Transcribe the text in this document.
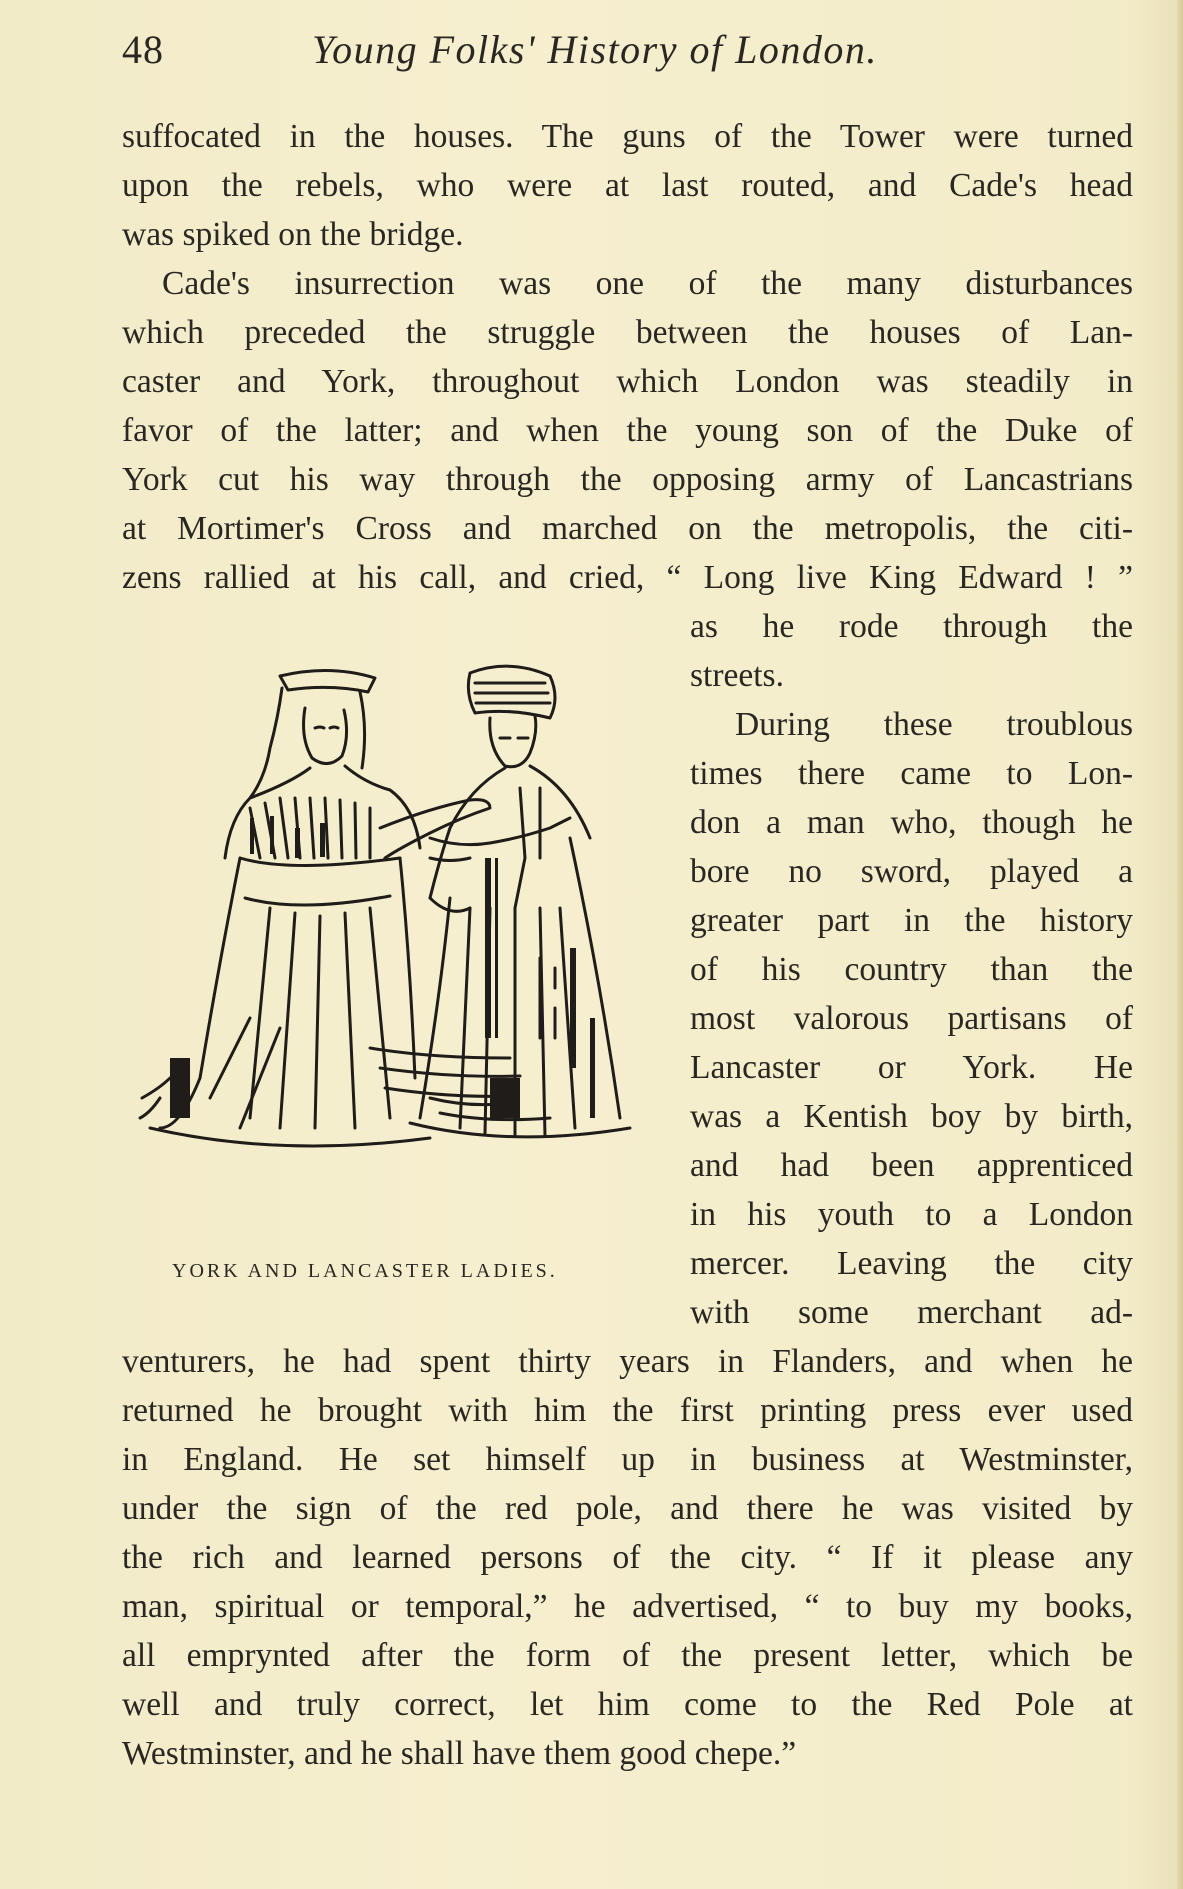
48	Young Folks' History of London.
suffocated in the houses. The guns of the Tower were turned
upon the rebels, who were at last routed, and Cade's head
was spiked on the bridge.
Cade's insurrection was one of the many disturbances
which preceded the struggle between the houses of Lan-
caster and York, throughout which London was steadily in
favor of the latter; and when the young son of the Duke of
York cut his way through the opposing army of Lancastrians
at Mortimer's Cross and marched on the metropolis, the citi-
zens rallied at his call, and cried, “ Long live King Edward ! ”
as he rode through the
streets.
During these troublous
times there came to Lon-
don a man who, though he
bore no sword, played a
greater part in the history
of his country than the
most valorous partisans of
Lancaster or York. He
was a Kentish boy by birth,
and had been apprenticed
in his youth to a London
mercer. Leaving the city
with some merchant ad-
venturers, he had spent thirty years in Flanders, and when he
returned he brought with him the first printing press ever used
in England. He set himself up in business at Westminster,
under the sign of the red pole, and there he was visited by
the rich and learned persons of the city. “ If it please any
man, spiritual or temporal,” he advertised, “ to buy my books,
all emprynted after the form of the present letter, which be
well and truly correct, let him come to the Red Pole at
Westminster, and he shall have them good chepe.”
YORK AND LANCASTER LADIES.
